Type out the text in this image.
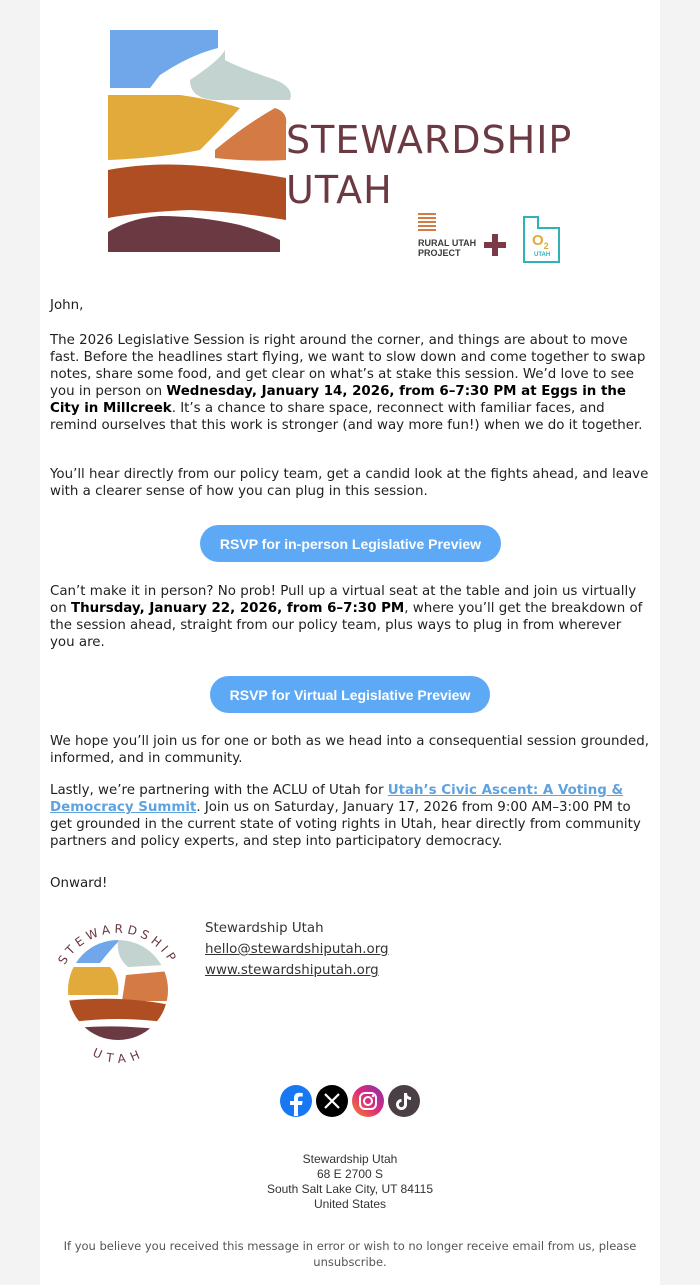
STEWARDSHIP
UTAH
RURAL UTAH
PROJECT
$O_2$
UTAH
John,
The 2026 Legislative Session is right around the corner, and things are about to move fast. Before the headlines start flying, we want to slow down and come together to swap notes, share some food, and get clear on what’s at stake this session. We’d love to see you in person on Wednesday, January 14, 2026, from 6–7:30 PM at Eggs in the City in Millcreek. It’s a chance to share space, reconnect with familiar faces, and remind ourselves that this work is stronger (and way more fun!) when we do it together.
You’ll hear directly from our policy team, get a candid look at the fights ahead, and leave with a clearer sense of how you can plug in this session.
RSVP for in-person Legislative Preview
Can’t make it in person? No prob! Pull up a virtual seat at the table and join us virtually on Thursday, January 22, 2026, from 6–7:30 PM, where you’ll get the breakdown of the session ahead, straight from our policy team, plus ways to plug in from wherever you are.
RSVP for Virtual Legislative Preview
We hope you’ll join us for one or both as we head into a consequential session grounded, informed, and in community.
Lastly, we’re partnering with the ACLU of Utah for Utah’s Civic Ascent: A Voting & Democracy Summit. Join us on Saturday, January 17, 2026 from 9:00 AM–3:00 PM to get grounded in the current state of voting rights in Utah, hear directly from community partners and policy experts, and step into participatory democracy.
Onward!
STEWARDSHIP
UTAH
Stewardship Utah
hello@stewardshiputah.org
www.stewardshiputah.org
Stewardship Utah
68 E 2700 S
South Salt Lake City, UT 84115
United States
If you believe you received this message in error or wish to no longer receive email from us, please unsubscribe.
